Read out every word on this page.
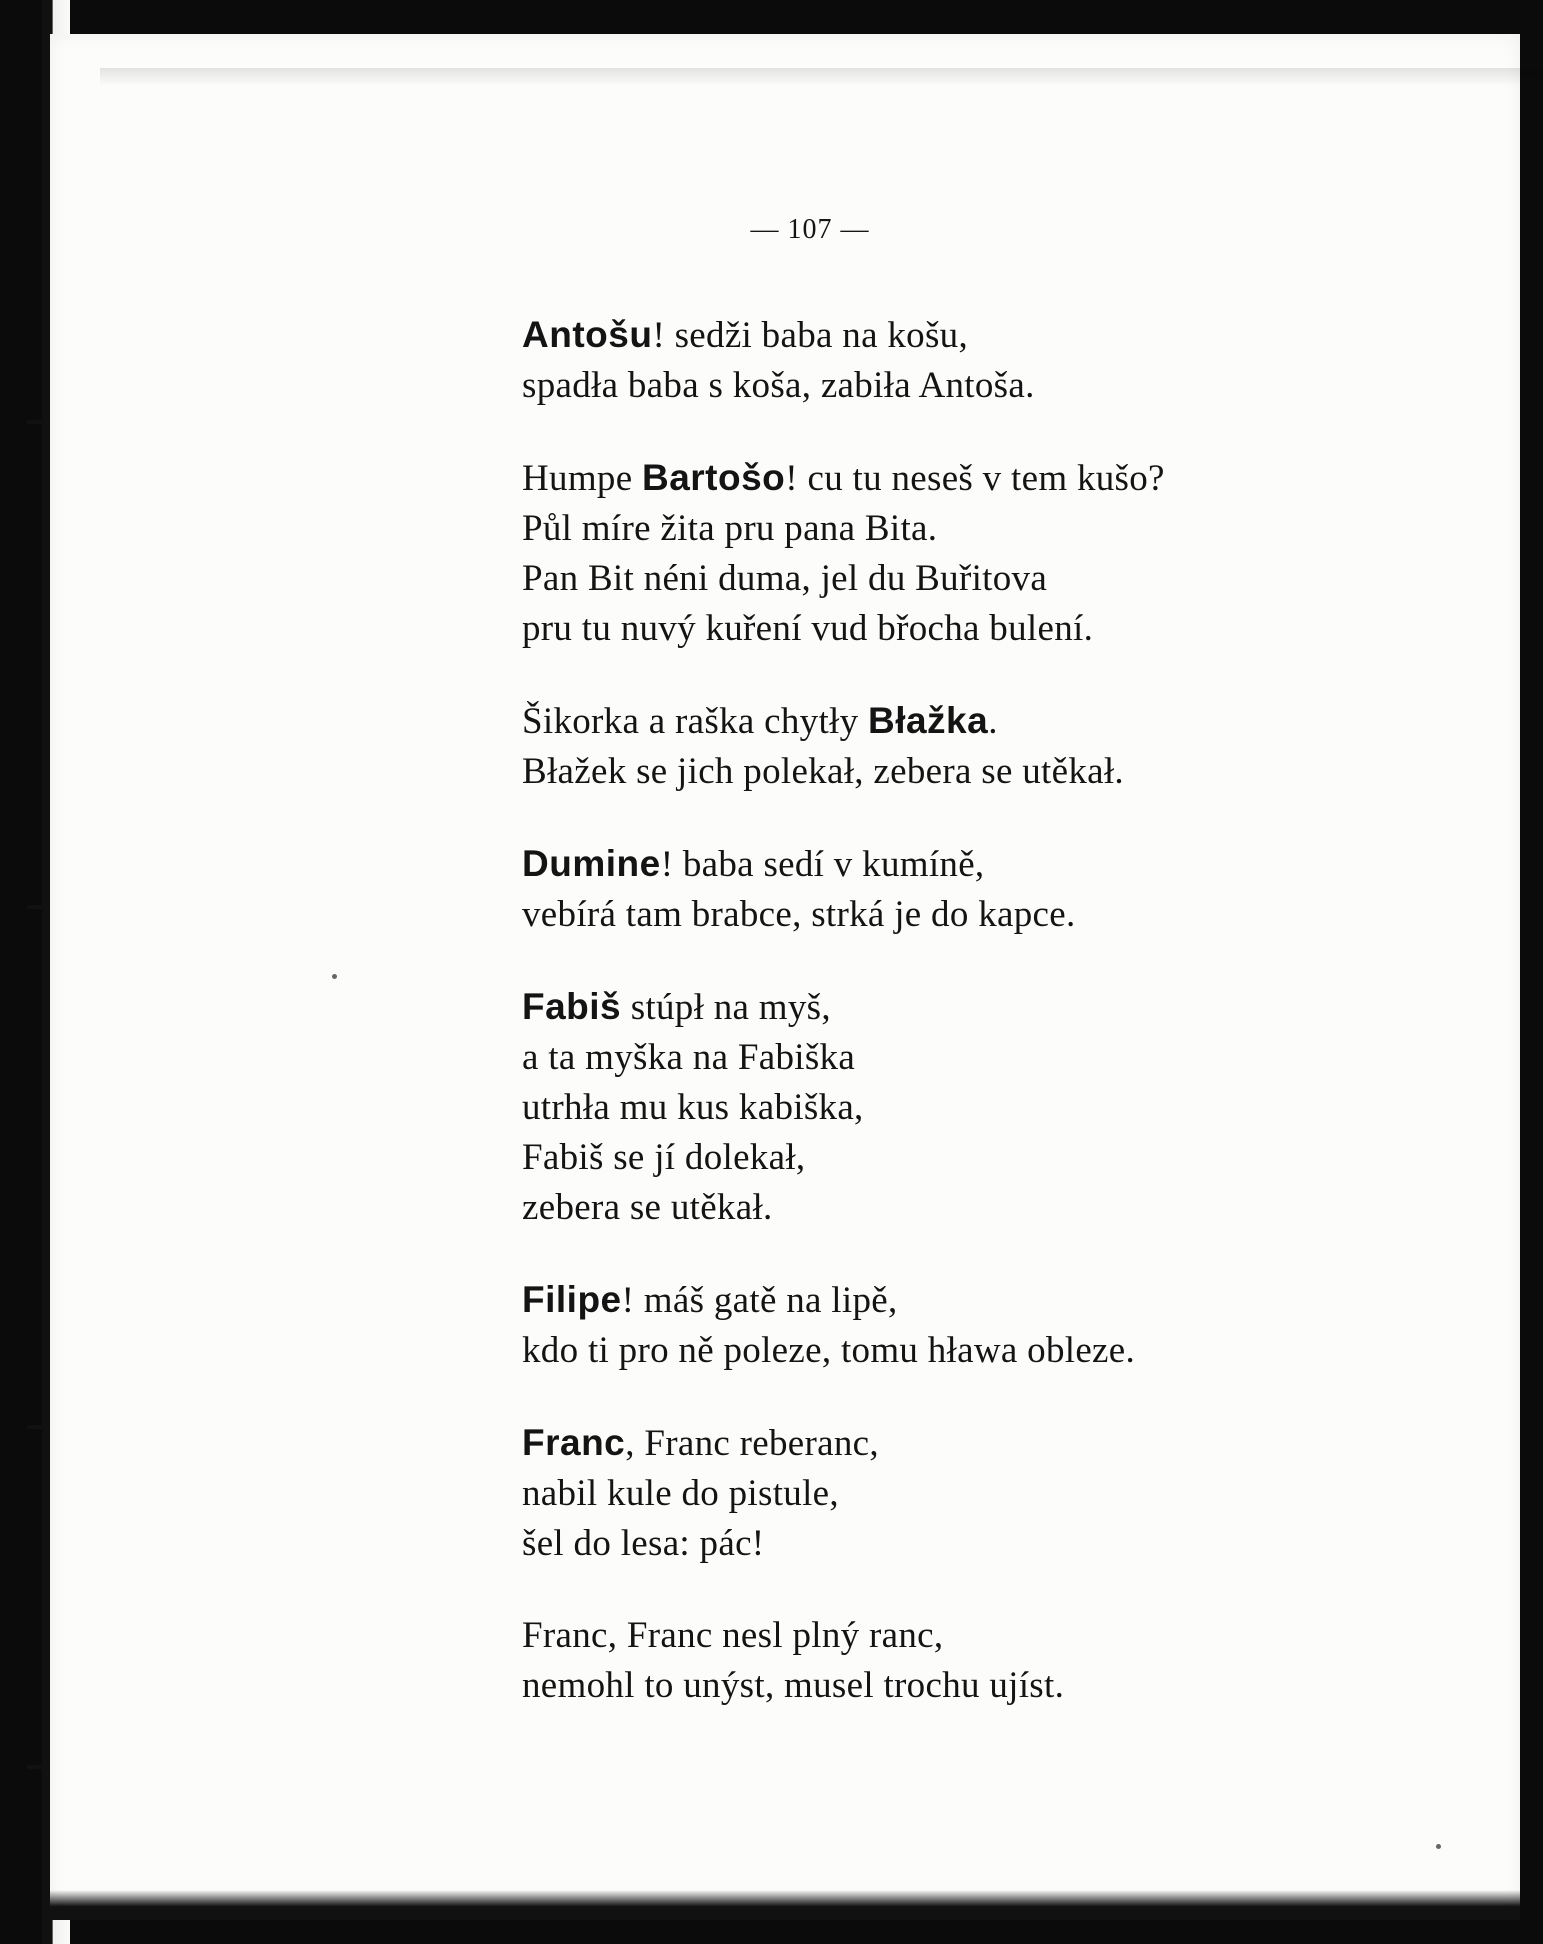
— 107 —
Antošu! sedži baba na košu,
spadła baba s koša, zabiła Antoša.
Humpe Bartošo! cu tu neseš v tem kušo?
Půl míre žita pru pana Bita.
Pan Bit néni duma, jel du Buřitova
pru tu nuvý kuření vud břocha bulení.
Šikorka a raška chytły Błažka.
Błažek se jich polekał, zebera se utěkał.
Dumine! baba sedí v kumíně,
vebírá tam brabce, strká je do kapce.
Fabiš stúpł na myš,
a ta myška na Fabiška
utrhła mu kus kabiška,
Fabiš se jí dolekał,
zebera se utěkał.
Filipe! máš gatě na lipě,
kdo ti pro ně poleze, tomu hława obleze.
Franc, Franc reberanc,
nabil kule do pistule,
šel do lesa: pác!
Franc, Franc nesl plný ranc,
nemohl to unýst, musel trochu ujíst.
